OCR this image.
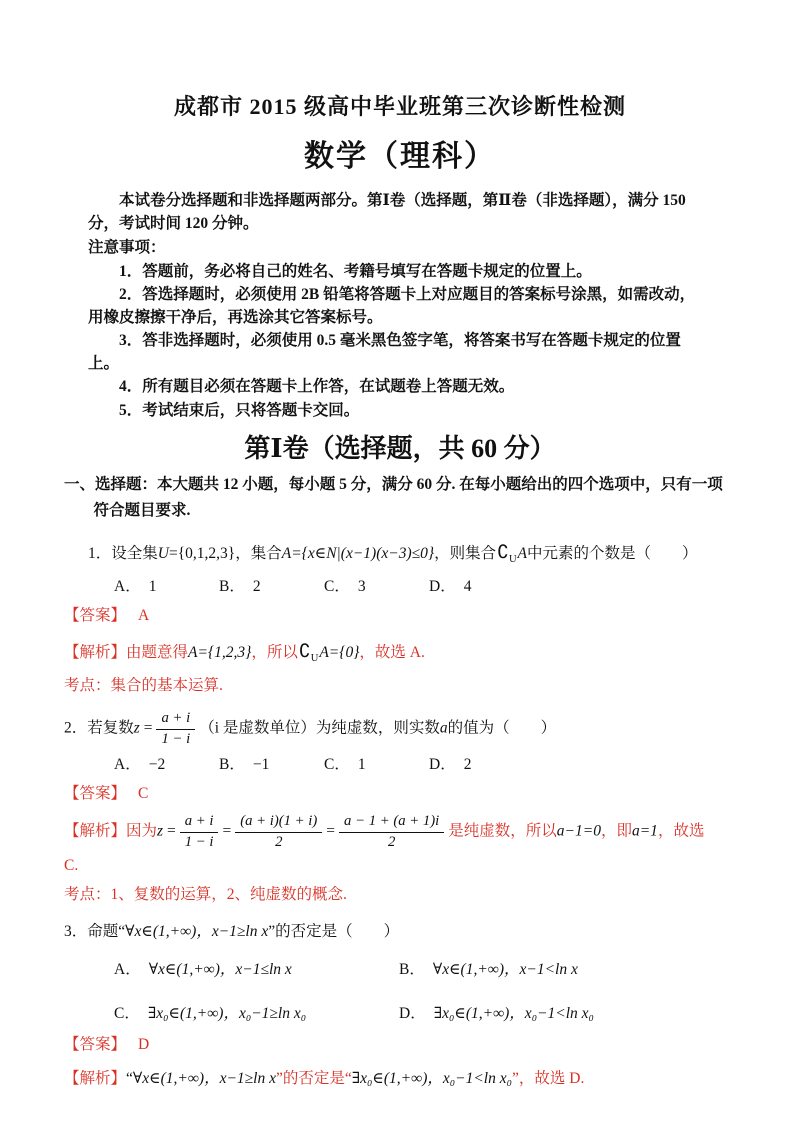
成都市 2015 级高中毕业班第三次诊断性检测
数学（理科）

本试卷分选择题和非选择题两部分。第Ⅰ卷（选择题，第Ⅱ卷（非选择题），满分 150 分，考试时间 120 分钟。

注意事项：

1．答题前，务必将自己的姓名、考籍号填写在答题卡规定的位置上。

2．答选择题时，必须使用 2B 铅笔将答题卡上对应题目的答案标号涂黑，如需改动，用橡皮擦擦干净后，再选涂其它答案标号。

3．答非选择题时，必须使用 0.5 毫米黑色签字笔，将答案书写在答题卡规定的位置上。

4．所有题目必须在答题卡上作答，在试题卷上答题无效。

5．考试结束后，只将答题卡交回。

第Ⅰ卷（选择题，共 60 分）

一、选择题：本大题共 12 小题，每小题 5 分，满分 60 分. 在每小题给出的四个选项中，只有一项符合题目要求.

1．设全集U={0,1,2,3}，集合A={x∈N|(x−1)(x−3)≤0}，则集合$∁_UA$中元素的个数是（　　）

A． 1	B． 2	C． 3	D． 4

【答案】 A

【解析】由题意得A={1,2,3}，所以$∁_UA=\{0\}$，故选 A.

考点：集合的基本运算.

2．若复数$z = \frac{a + i}{1 - i} (i$ 是虚数单位）为纯虚数，则实数a的值为（　　）

A． −2	B． −1	C． 1	D． 2

【答案】 C

【解析】因为$z = \frac{a + i}{1 - i} = \frac{(a + i)(1 + i)}{2} = \frac{a - 1 + (a + 1)i}{2}$ 是纯虚数，所以a−1=0，即a=1，故选

C.

考点：1、复数的运算，2、纯虚数的概念.

3．命题“∀x∈(1,+∞)，x−1≥ln x”的否定是（　　）

A． ∀x∈(1,+∞)，x−1≤ln x	B． ∀x∈(1,+∞)，x−1<ln x
C． ∃x₀∈(1,+∞)，x₀−1≥ln x₀	D． ∃x₀∈(1,+∞)，x₀−1<ln x₀

【答案】 D

【解析】“∀x∈(1,+∞)，x−1≥ln x”的否定是“∃x₀∈(1,+∞)，x₀−1<ln x₀”，故选 D.
